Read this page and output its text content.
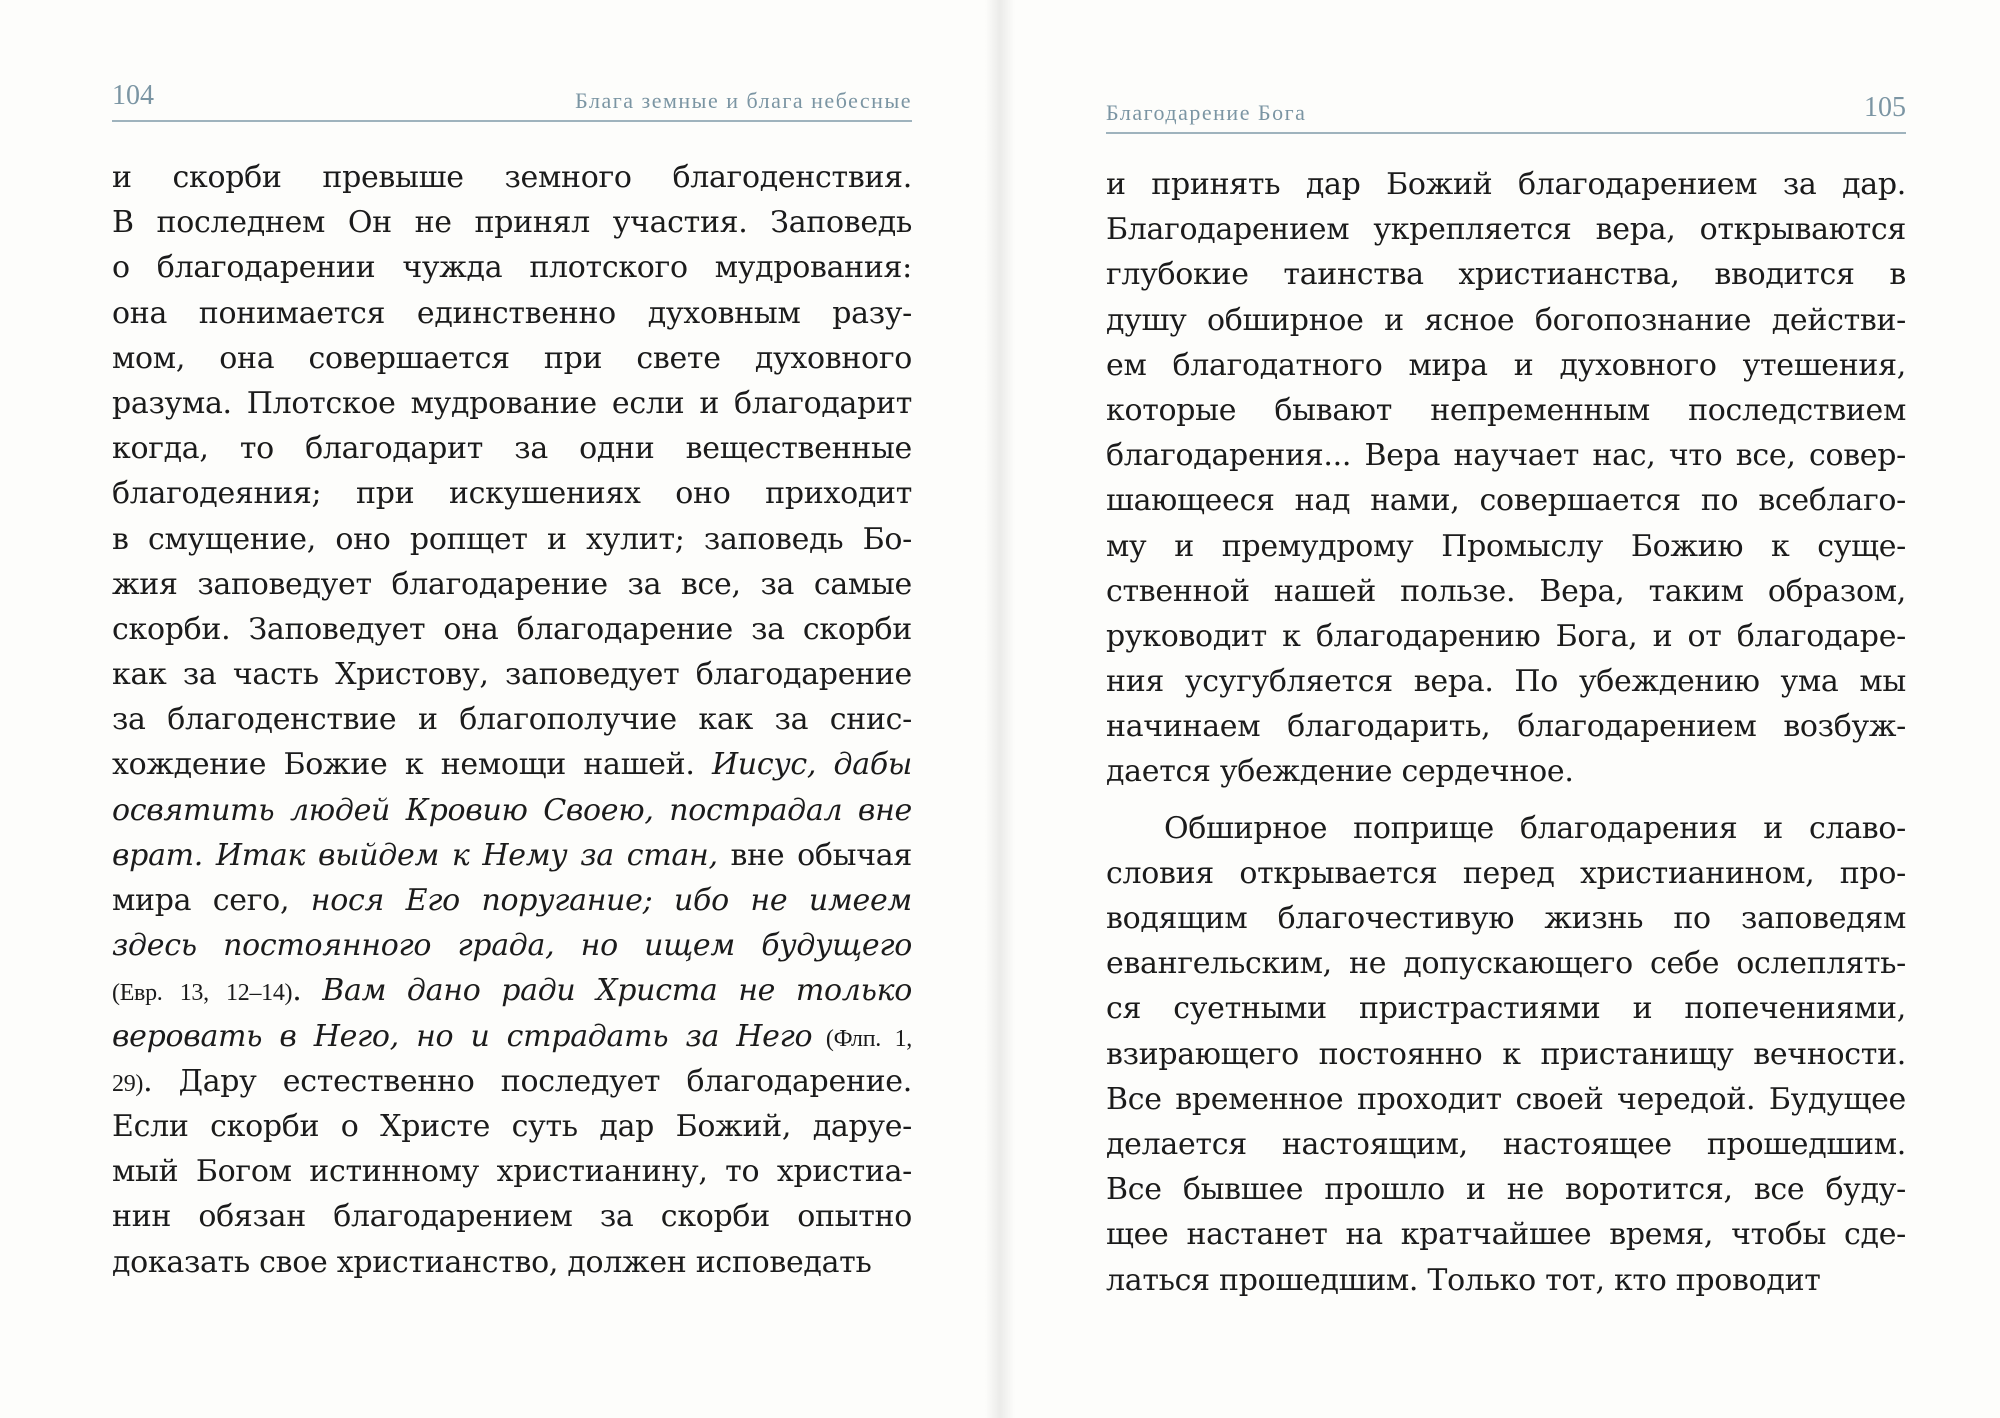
104	Блага земные и блага небесные
и скорби превыше земного благоденствия.
В последнем Он не принял участия. Заповедь
о благодарении чужда плотского мудрования:
она понимается единственно духовным разу-
мом, она совершается при свете духовного
разума. Плотское мудрование если и благодарит
когда, то благодарит за одни вещественные
благодеяния; при искушениях оно приходит
в смущение, оно ропщет и хулит; заповедь Бо-
жия заповедует благодарение за все, за самые
скорби. Заповедует она благодарение за скорби
как за часть Христову, заповедует благодарение
за благоденствие и благополучие как за снис-
хождение Божие к немощи нашей. Иисус, дабы
освятить людей Кровию Своею, пострадал вне
врат. Итак выйдем к Нему за стан, вне обычая
мира сего, нося Его поругание; ибо не имеем
здесь постоянного града, но ищем будущего
(Евр. 13, 12–14). Вам дано ради Христа не только
веровать в Него, но и страдать за Него (Флп. 1,
29). Дару естественно последует благодарение.
Если скорби о Христе суть дар Божий, даруе-
мый Богом истинному христианину, то христиа-
нин обязан благодарением за скорби опытно
доказать свое христианство, должен исповедать
Благодарение Бога	105
и принять дар Божий благодарением за дар.
Благодарением укрепляется вера, открываются
глубокие таинства христианства, вводится в
душу обширное и ясное богопознание действи-
ем благодатного мира и духовного утешения,
которые бывают непременным последствием
благодарения... Вера научает нас, что все, совер-
шающееся над нами, совершается по всеблаго-
му и премудрому Промыслу Божию к суще-
ственной нашей пользе. Вера, таким образом,
руководит к благодарению Бога, и от благодаре-
ния усугубляется вера. По убеждению ума мы
начинаем благодарить, благодарением возбуж-
дается убеждение сердечное.
Обширное поприще благодарения и славо-
словия открывается перед христианином, про-
водящим благочестивую жизнь по заповедям
евангельским, не допускающего себе ослеплять-
ся суетными пристрастиями и попечениями,
взирающего постоянно к пристанищу вечности.
Все временное проходит своей чередой. Будущее
делается настоящим, настоящее прошедшим.
Все бывшее прошло и не воротится, все буду-
щее настанет на кратчайшее время, чтобы сде-
латься прошедшим. Только тот, кто проводит
